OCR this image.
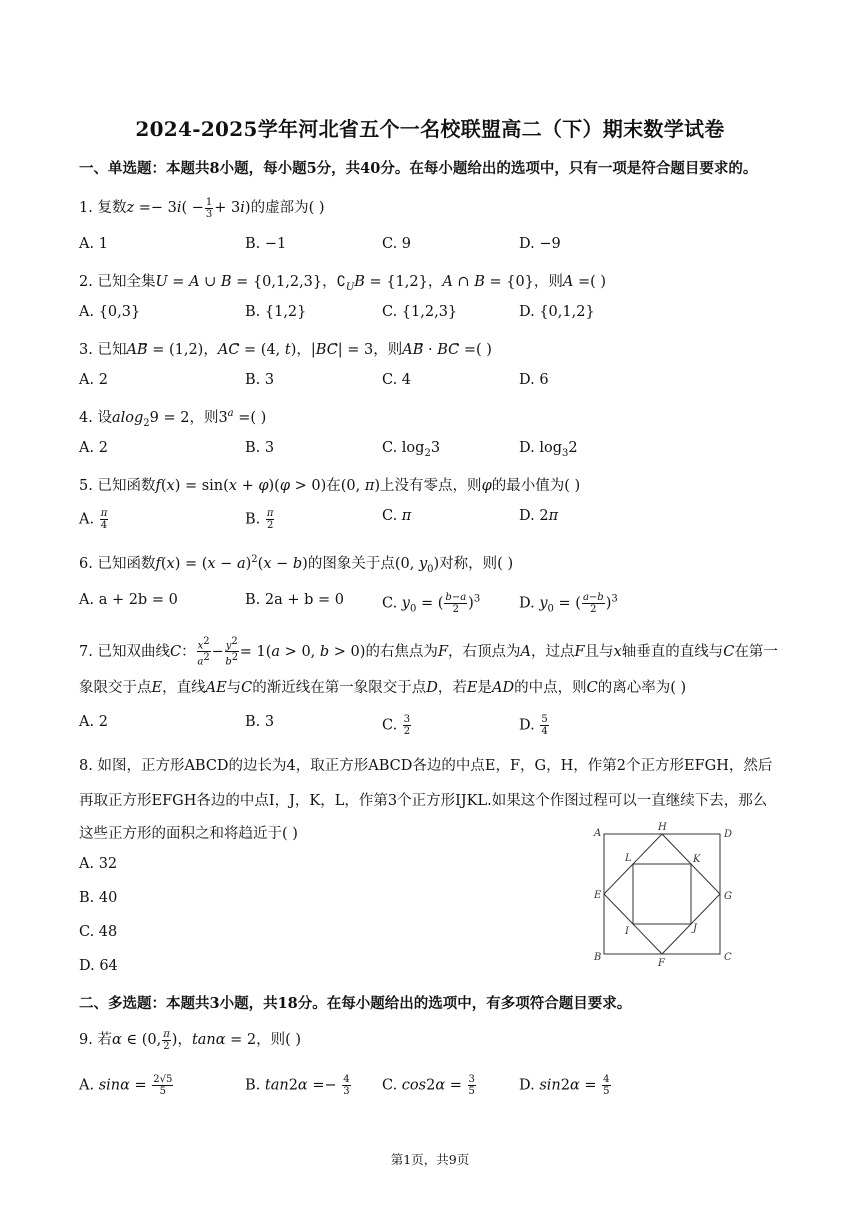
2024-2025学年河北省五个一名校联盟高二（下）期末数学试卷
一、单选题：本题共8小题，每小题5分，共40分。在每小题给出的选项中，只有一项是符合题目要求的。
1. 复数$z =- 3i( - \frac{1}{3} + 3i)$的虚部为( )
A. 1	B. −1	C. 9	D. −9
2. 已知全集U = A ∪ B = {0,1,2,3}，$∁_UB = \{1,2\}$，A ∩ B = {0}，则A =( )
A. {0,3}	B. {1,2}	C. {1,2,3}	D. {0,1,2}
3. 已知AB⃗ = (1,2)，AC⃗ = (4, t)，|BC⃗| = 3，则AB⃗ · BC⃗ =( )
A. 2	B. 3	C. 4	D. 6
4. 设alog$_2$9 = 2，则$3^a$ =( )
A. 2	B. 3	C. $\log_23$	D. $\log_32$
5. 已知函数f(x) = sin(x + φ)(φ > 0)在(0, π)上没有零点，则φ的最小值为( )
A. $\frac{\pi}{4}$	B. $\frac{\pi}{2}$	C. π	D. 2π
6. 已知函数$f(x) = (x - a)^2(x - b)$的图象关于点(0, $y_0$)对称，则( )
A. a + 2b = 0	B. 2a + b = 0	C. $y_0$ = ( $\frac{b-a}{2} )^3$	D. $y_0$ = ( $\frac{a-b}{2} )^3$
7. 已知双曲线C： $\frac{x^2}{a^2} - \frac{y^2}{b^2} = 1(a > 0$, b > 0)的右焦点为F，右顶点为A，过点F且与x轴垂直的直线与C在第一
象限交于点E，直线AE与C的渐近线在第一象限交于点D，若E是AD的中点，则C的离心率为( )
A. 2	B. 3	C. $\frac{3}{2}$	D. $\frac{5}{4}$
8. 如图，正方形ABCD的边长为4，取正方形ABCD各边的中点E，F，G，H，作第2个正方形EFGH，然后
再取正方形EFGH各边的中点I，J，K，L，作第3个正方形IJKL.如果这个作图过程可以一直继续下去，那么
这些正方形的面积之和将趋近于( )
A. 32
B. 40
C. 48
D. 64
A
H
D
L	K
E	G
I	J
B
F
C
二、多选题：本题共3小题，共18分。在每小题给出的选项中，有多项符合题目要求。
9. 若α ∈ (0, $\frac{\pi}{2}$ )，tanα = 2，则( )
A. $\sin\alpha = \frac{2√5}{5}$	B. $\tan 2\alpha =- \frac{4}{3} C$. $\cos 2\alpha = \frac{3}{5}$	D. $\sin 2\alpha = \frac{4}{5}$
第1页，共9页
